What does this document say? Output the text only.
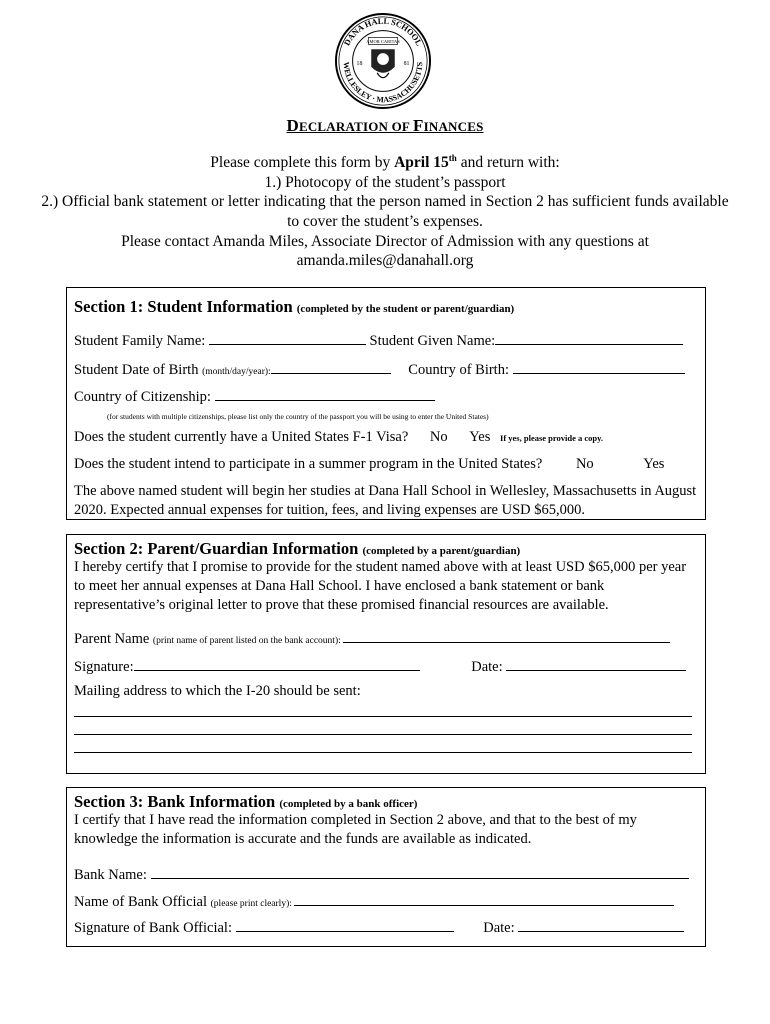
DANA HALL SCHOOL
WELLESLEY · MASSACHUSETTS
AMOR CARITAS
18	81
DECLARATION OF FINANCES
Please complete this form by April 15th and return with:
1.) Photocopy of the student’s passport
2.) Official bank statement or letter indicating that the person named in Section 2 has sufficient funds available to cover the student’s expenses.
Please contact Amanda Miles, Associate Director of Admission with any questions at amanda.miles@danahall.org
Section 1: Student Information (completed by the student or parent/guardian)
Student Family Name:	Student Given Name:
Student Date of Birth (month/day/year):	Country of Birth:
Country of Citizenship:
(for students with multiple citizenships, please list only the country of the passport you will be using to enter the United States)
Does the student currently have a United States F-1 Visa? No Yes If yes, please provide a copy.
Does the student intend to participate in a summer program in the United States? No	Yes
The above named student will begin her studies at Dana Hall School in Wellesley, Massachusetts in August 2020. Expected annual expenses for tuition, fees, and living expenses are USD $65,000.
Section 2: Parent/Guardian Information (completed by a parent/guardian)
I hereby certify that I promise to provide for the student named above with at least USD $65,000 per year to meet her annual expenses at Dana Hall School. I have enclosed a bank statement or bank representative’s original letter to prove that these promised financial resources are available.
Parent Name (print name of parent listed on the bank account):
Signature:	Date:
Mailing address to which the I-20 should be sent:
Section 3: Bank Information (completed by a bank officer)
I certify that I have read the information completed in Section 2 above, and that to the best of my knowledge the information is accurate and the funds are available as indicated.
Bank Name:
Name of Bank Official (please print clearly):
Signature of Bank Official:	Date:
